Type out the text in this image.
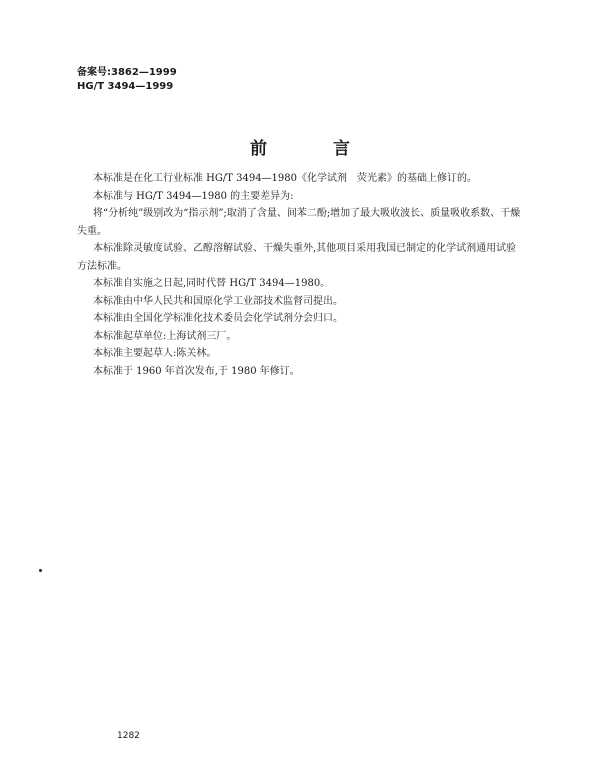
备案号:3862—1999
HG/T 3494—1999
前 言

本标准是在化工行业标准 HG/T 3494—1980《化学试剂　荧光素》的基础上修订的。

本标准与 HG/T 3494—1980 的主要差异为:

将“分析纯”级别改为“指示剂”;取消了含量、间苯二酚;增加了最大吸收波长、质量吸收系数、干燥

失重。

本标准除灵敏度试验、乙醇溶解试验、干燥失重外,其他项目采用我国已制定的化学试剂通用试验

方法标准。

本标准自实施之日起,同时代替 HG/T 3494—1980。

本标准由中华人民共和国原化学工业部技术监督司提出。

本标准由全国化学标准化技术委员会化学试剂分会归口。

本标准起草单位:上海试剂三厂。

本标准主要起草人:陈关林。

本标准于 1960 年首次发布,于 1980 年修订。

1282
